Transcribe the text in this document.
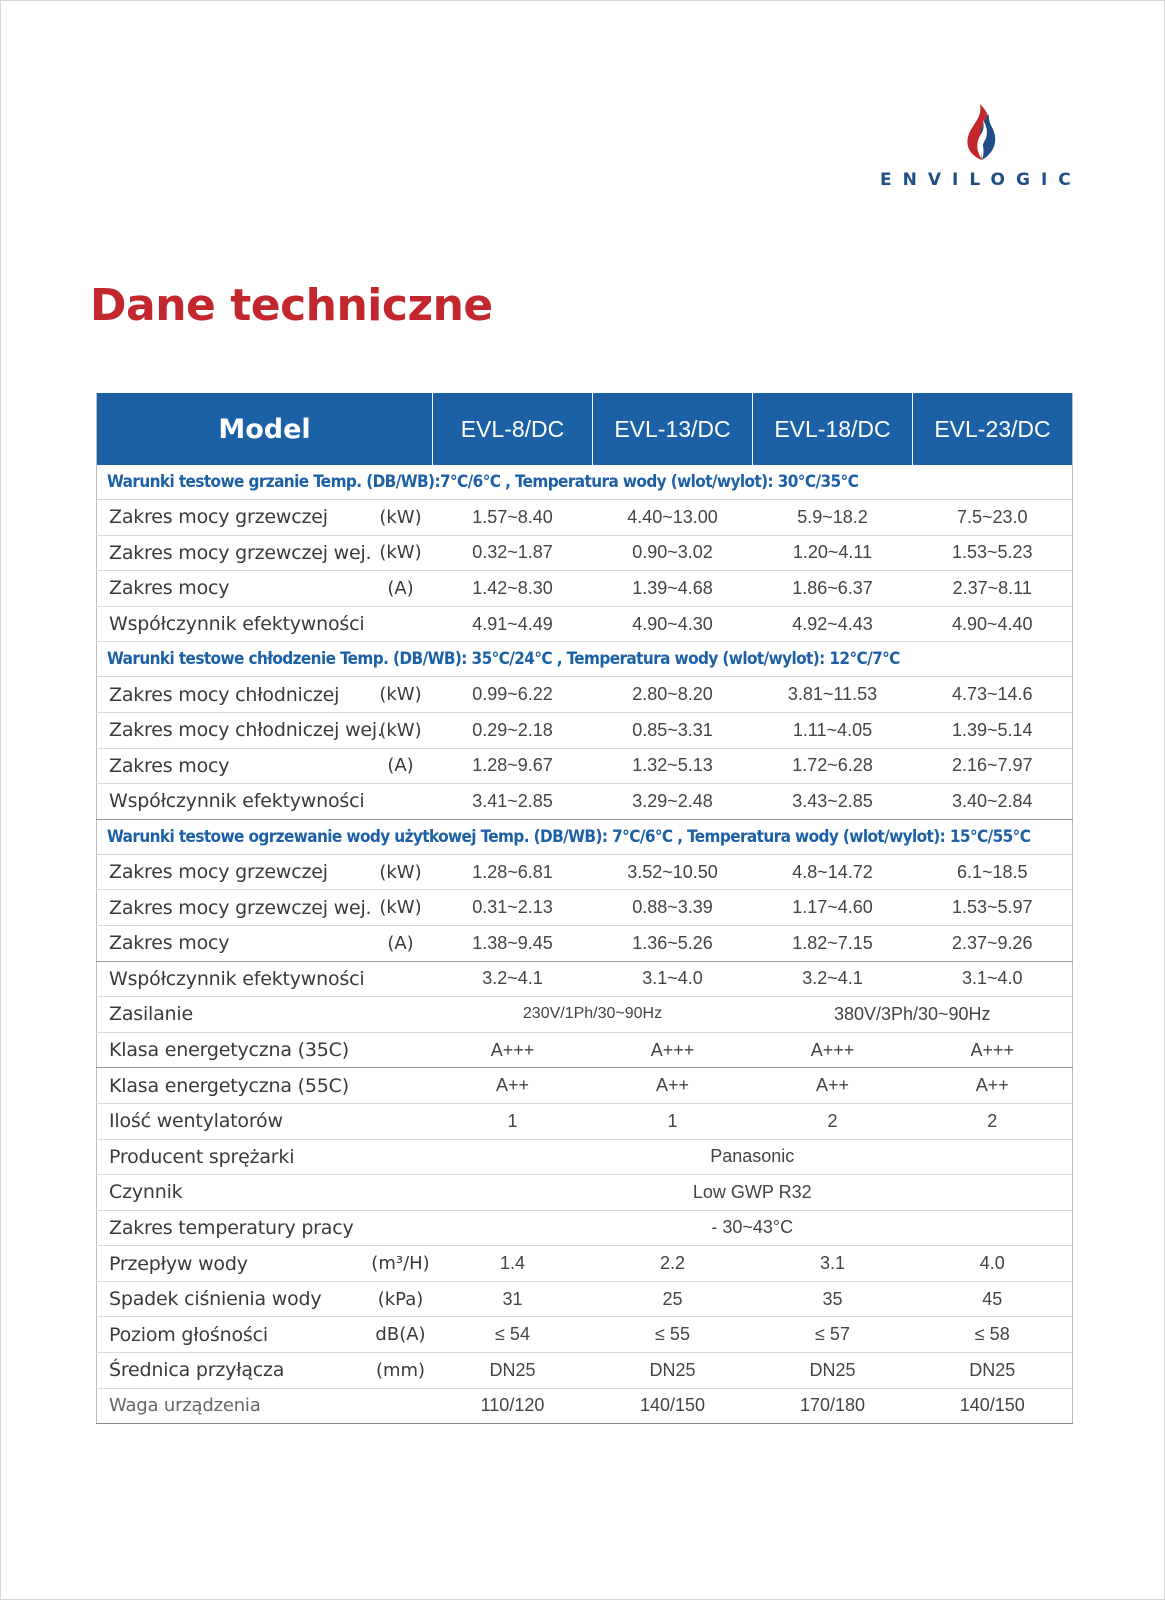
ENVILOGIC
Dane techniczne
Model		EVL-8/DC	EVL-13/DC	EVL-18/DC	EVL-23/DC
Warunki testowe grzanie Temp. (DB/WB):7°C/6°C , Temperatura wody (wlot/wylot): 30°C/35°C					
Zakres mocy grzewczej	(kW)	1.57~8.40	4.40~13.00	5.9~18.2	7.5~23.0
Zakres mocy grzewczej wej.	(kW)	0.32~1.87	0.90~3.02	1.20~4.11	1.53~5.23
Zakres mocy	(A)	1.42~8.30	1.39~4.68	1.86~6.37	2.37~8.11
Współczynnik efektywności		4.91~4.49	4.90~4.30	4.92~4.43	4.90~4.40
Warunki testowe chłodzenie Temp. (DB/WB): 35°C/24°C , Temperatura wody (wlot/wylot): 12°C/7°C					
Zakres mocy chłodniczej	(kW)	0.99~6.22	2.80~8.20	3.81~11.53	4.73~14.6
Zakres mocy chłodniczej wej.	(kW)	0.29~2.18	0.85~3.31	1.11~4.05	1.39~5.14
Zakres mocy	(A)	1.28~9.67	1.32~5.13	1.72~6.28	2.16~7.97
Współczynnik efektywności		3.41~2.85	3.29~2.48	3.43~2.85	3.40~2.84
Warunki testowe ogrzewanie wody użytkowej Temp. (DB/WB): 7°C/6°C , Temperatura wody (wlot/wylot): 15°C/55°C					
Zakres mocy grzewczej	(kW)	1.28~6.81	3.52~10.50	4.8~14.72	6.1~18.5
Zakres mocy grzewczej wej.	(kW)	0.31~2.13	0.88~3.39	1.17~4.60	1.53~5.97
Zakres mocy	(A)	1.38~9.45	1.36~5.26	1.82~7.15	2.37~9.26
Współczynnik efektywności		3.2~4.1	3.1~4.0	3.2~4.1	3.1~4.0
Zasilanie		230V/1Ph/30~90Hz		380V/3Ph/30~90Hz	
Klasa energetyczna (35C)		A+++	A+++	A+++	A+++
Klasa energetyczna (55C)		A++	A++	A++	A++
Ilość wentylatorów		1	1	2	2
Producent sprężarki		Panasonic			
Czynnik		Low GWP R32			
Zakres temperatury pracy		- 30~43°C			
Przepływ wody	(m³/H)	1.4	2.2	3.1	4.0
Spadek ciśnienia wody	(kPa)	31	25	35	45
Poziom głośności	dB(A)	≤ 54	≤ 55	≤ 57	≤ 58
Średnica przyłącza	(mm)	DN25	DN25	DN25	DN25
Waga urządzenia		110/120	140/150	170/180	140/150
